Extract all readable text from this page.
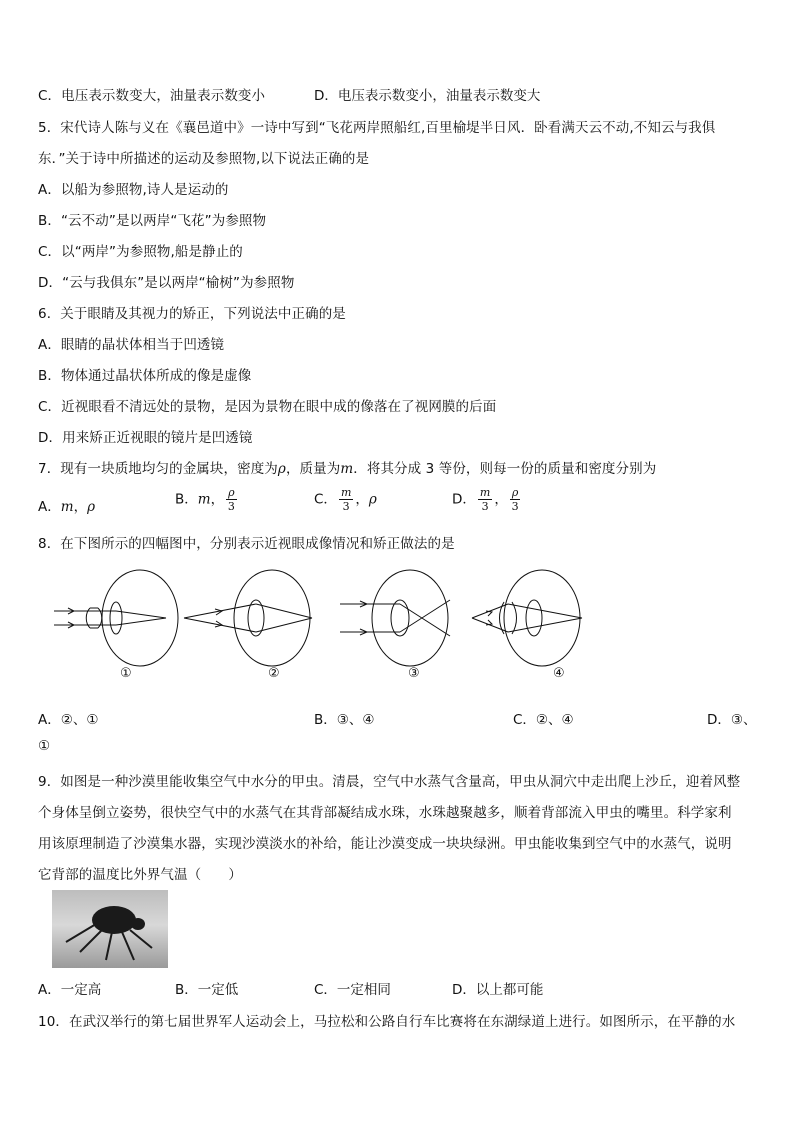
C．电压表示数变大，油量表示数变小	D．电压表示数变小，油量表示数变大
5．宋代诗人陈与义在《襄邑道中》一诗中写到“飞花两岸照船红,百里榆堤半日风．卧看满天云不动,不知云与我俱
东．”关于诗中所描述的运动及参照物,以下说法正确的是
A．以船为参照物,诗人是运动的
B．“云不动”是以两岸“飞花”为参照物
C．以“两岸”为参照物,船是静止的
D．“云与我俱东”是以两岸“榆树”为参照物
6．关于眼睛及其视力的矫正，下列说法中正确的是
A．眼睛的晶状体相当于凹透镜
B．物体通过晶状体所成的像是虚像
C．近视眼看不清远处的景物，是因为景物在眼中成的像落在了视网膜的后面
D．用来矫正近视眼的镜片是凹透镜
7．现有一块质地均匀的金属块，密度为ρ，质量为m．将其分成 3 等份，则每一份的质量和密度分别为
A．m，ρ	B．m， $\frac{\rho}{3}$	C． $\frac{m}{3}$ ，ρ	D． $\frac{m}{3}$ ， $\frac{\rho}{3}$
8．在下图所示的四幅图中，分别表示近视眼成像情况和矫正做法的是
①	②	③	④
A．②、①	B．③、④	C．②、④	D．③、
①
9．如图是一种沙漠里能收集空气中水分的甲虫。清晨，空气中水蒸气含量高，甲虫从洞穴中走出爬上沙丘，迎着风整
个身体呈倒立姿势，很快空气中的水蒸气在其背部凝结成水珠，水珠越聚越多，顺着背部流入甲虫的嘴里。科学家利
用该原理制造了沙漠集水器，实现沙漠淡水的补给，能让沙漠变成一块块绿洲。甲虫能收集到空气中的水蒸气，说明
它背部的温度比外界气温（　　）
A．一定高	B．一定低	C．一定相同	D．以上都可能
10．在武汉举行的第七届世界军人运动会上，马拉松和公路自行车比赛将在东湖绿道上进行。如图所示，在平静的水
